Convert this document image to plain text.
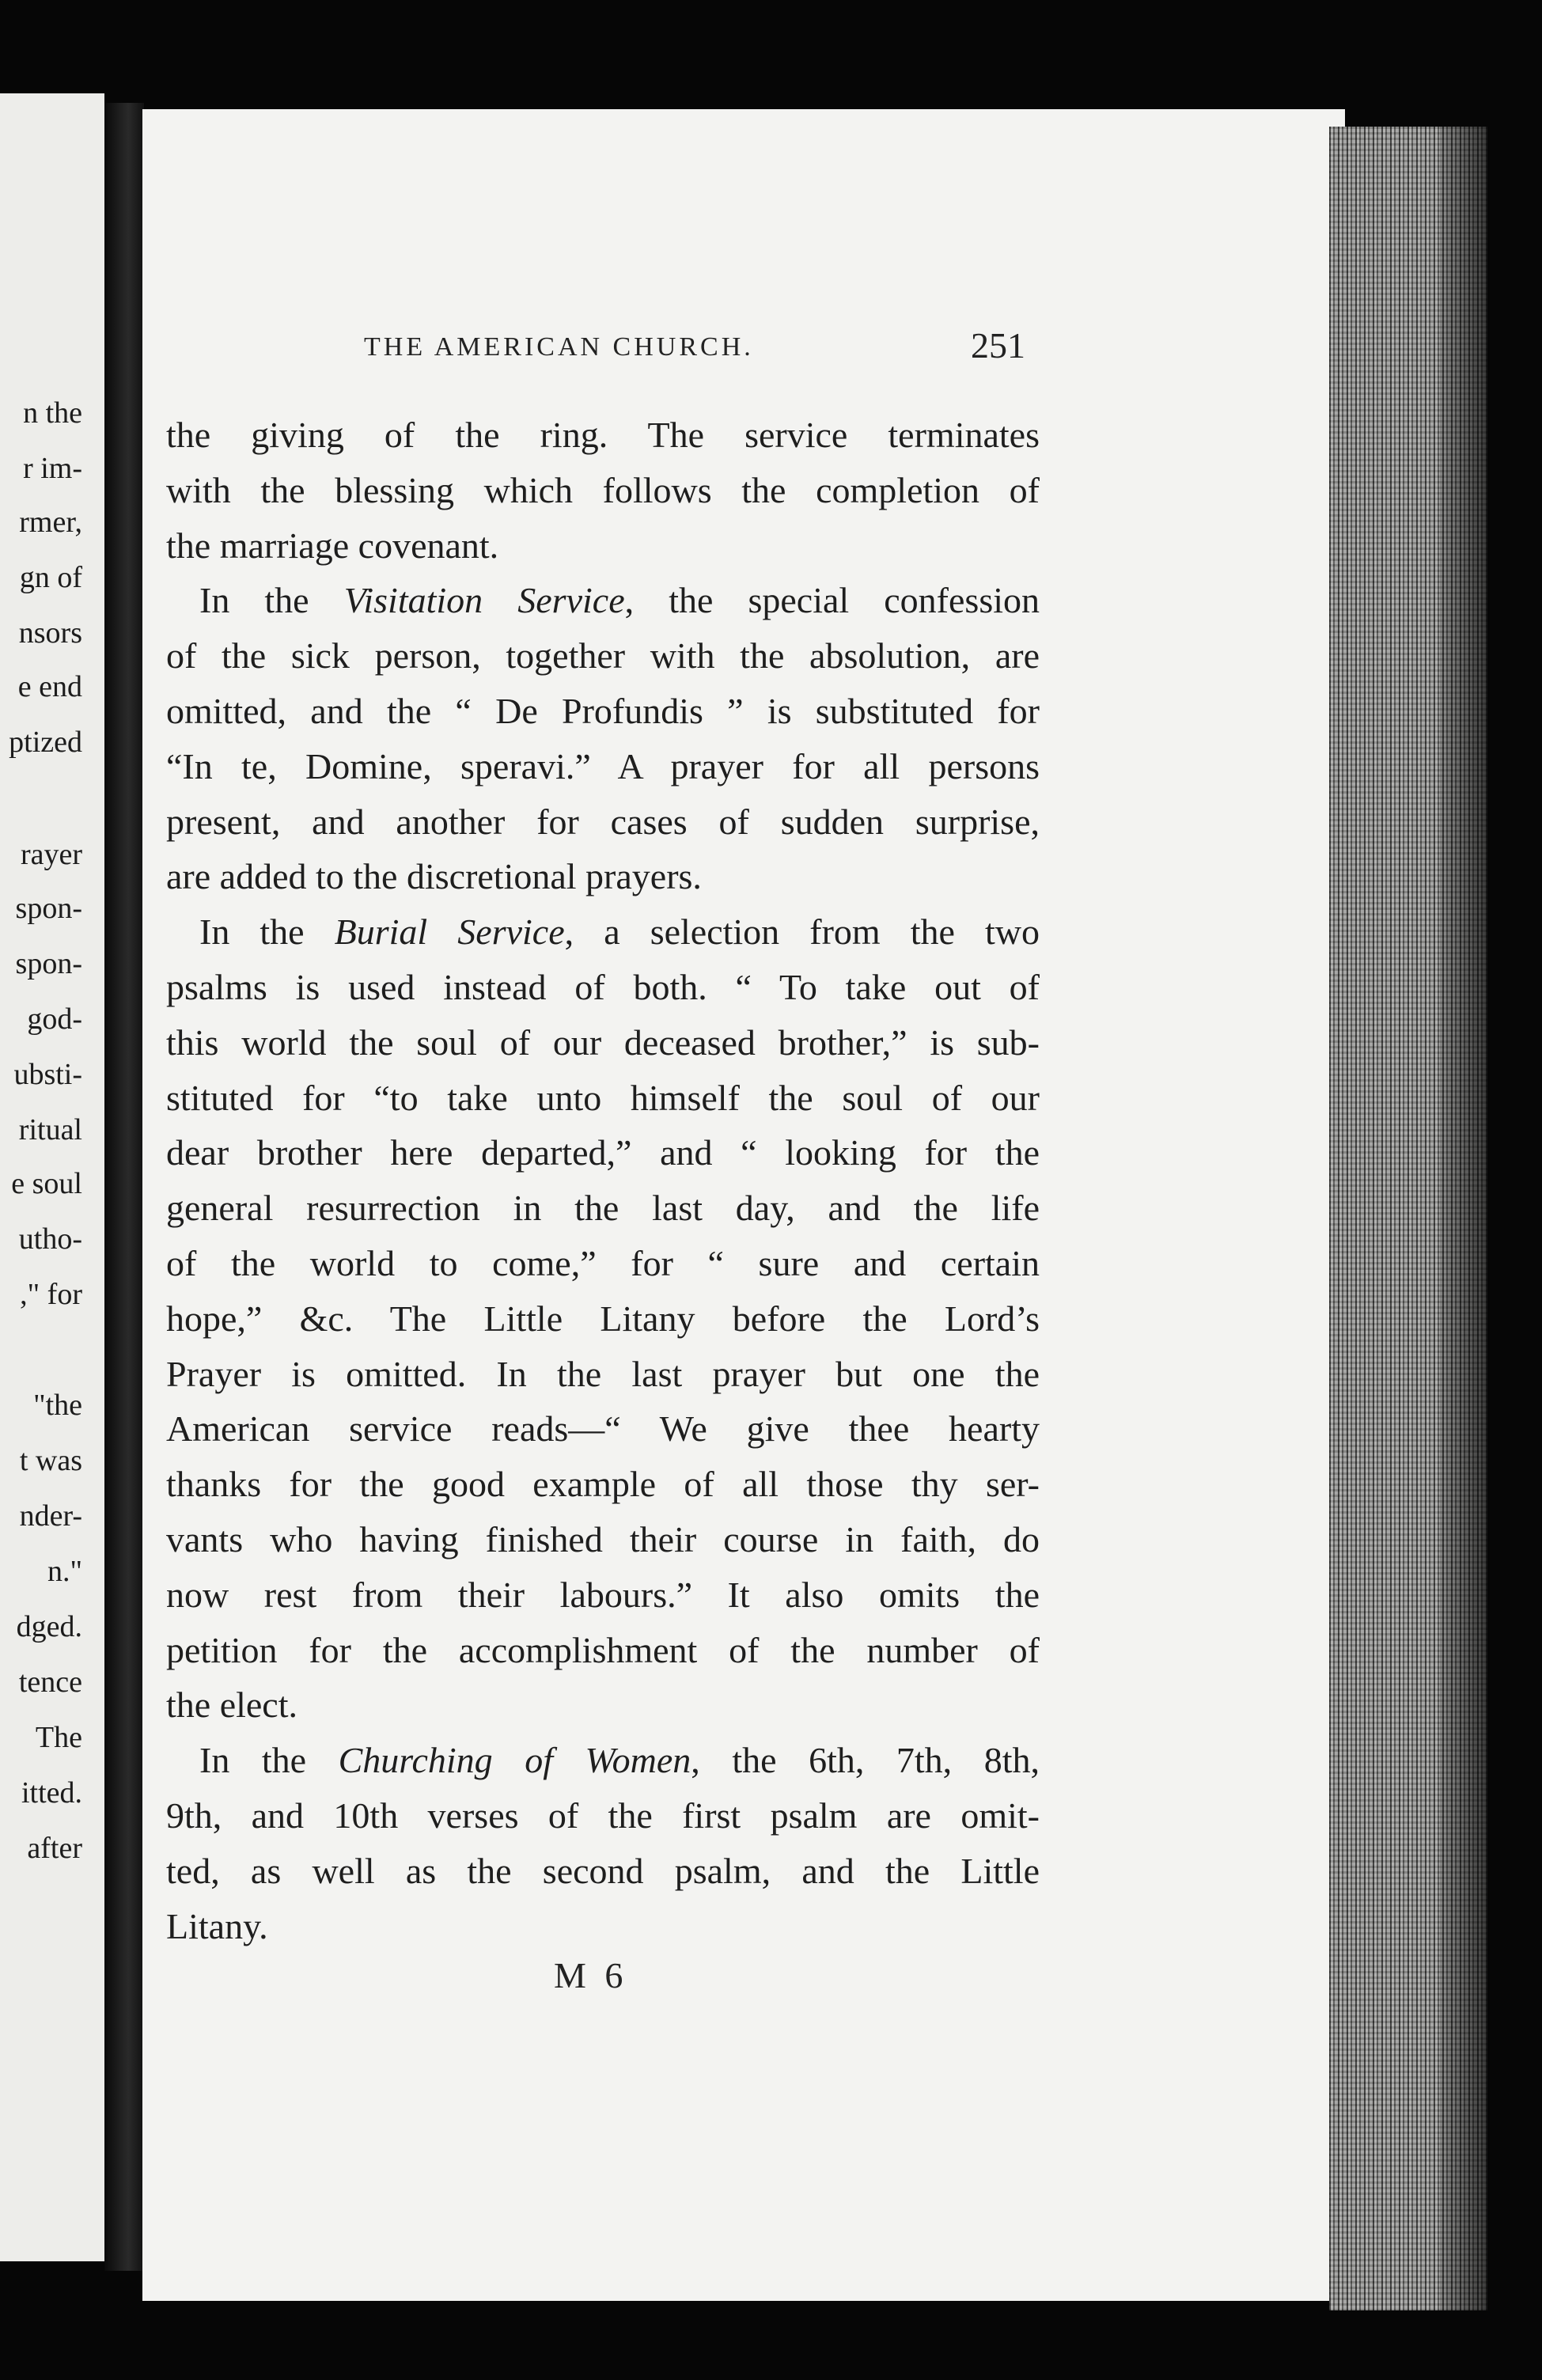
n the
r im-
rmer,
gn of
nsors
e end
ptized
rayer
spon-
spon-
god-
ubsti-
ritual
e soul
utho-
," for
"the
t was
nder-
n."
dged.
tence
The
itted.
after
THE AMERICAN CHURCH.	251
the giving of the ring. The service terminates
with the blessing which follows the completion of
the marriage covenant.
In the Visitation Service, the special confession
of the sick person, together with the absolution, are
omitted, and the “ De Profundis ” is substituted for
“In te, Domine, speravi.” A prayer for all persons
present, and another for cases of sudden surprise,
are added to the discretional prayers.
In the Burial Service, a selection from the two
psalms is used instead of both. “ To take out of
this world the soul of our deceased brother,” is sub-
stituted for “to take unto himself the soul of our
dear brother here departed,” and “ looking for the
general resurrection in the last day, and the life
of the world to come,” for “ sure and certain
hope,” &c. The Little Litany before the Lord’s
Prayer is omitted. In the last prayer but one the
American service reads—“ We give thee hearty
thanks for the good example of all those thy ser-
vants who having finished their course in faith, do
now rest from their labours.” It also omits the
petition for the accomplishment of the number of
the elect.
In the Churching of Women, the 6th, 7th, 8th,
9th, and 10th verses of the first psalm are omit-
ted, as well as the second psalm, and the Little
Litany.
M 6
